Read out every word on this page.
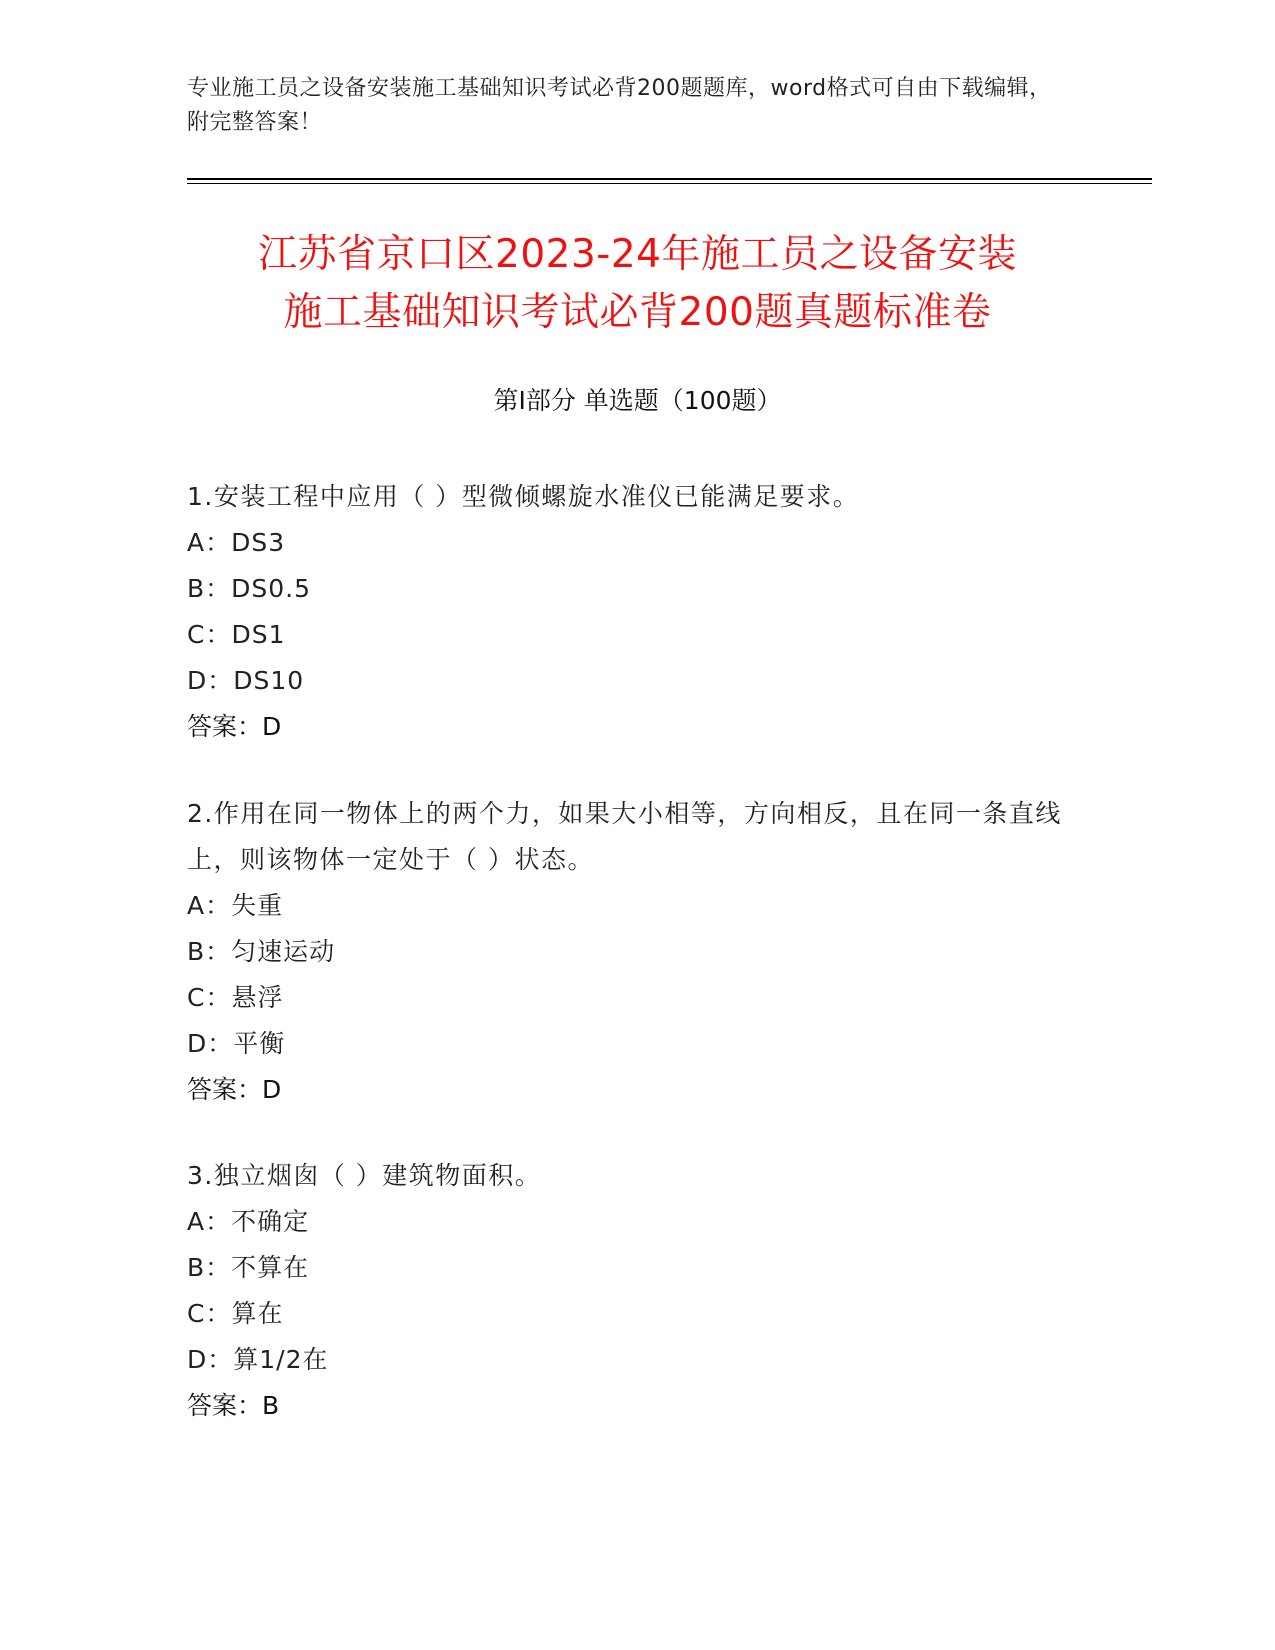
专业施工员之设备安装施工基础知识考试必背200题题库，word格式可自由下载编辑，附完整答案！
江苏省京口区2023-24年施工员之设备安装
施工基础知识考试必背200题真题标准卷
第I部分 单选题（100题）
1.安装工程中应用（ ）型微倾螺旋水准仪已能满足要求。
A：DS3
B：DS0.5
C：DS1
D：DS10
答案：D
2.作用在同一物体上的两个力，如果大小相等，方向相反，且在同一条直线上，则该物体一定处于（ ）状态。
A：失重
B：匀速运动
C：悬浮
D：平衡
答案：D
3.独立烟囱（ ）建筑物面积。
A：不确定
B：不算在
C：算在
D：算1/2在
答案：B
